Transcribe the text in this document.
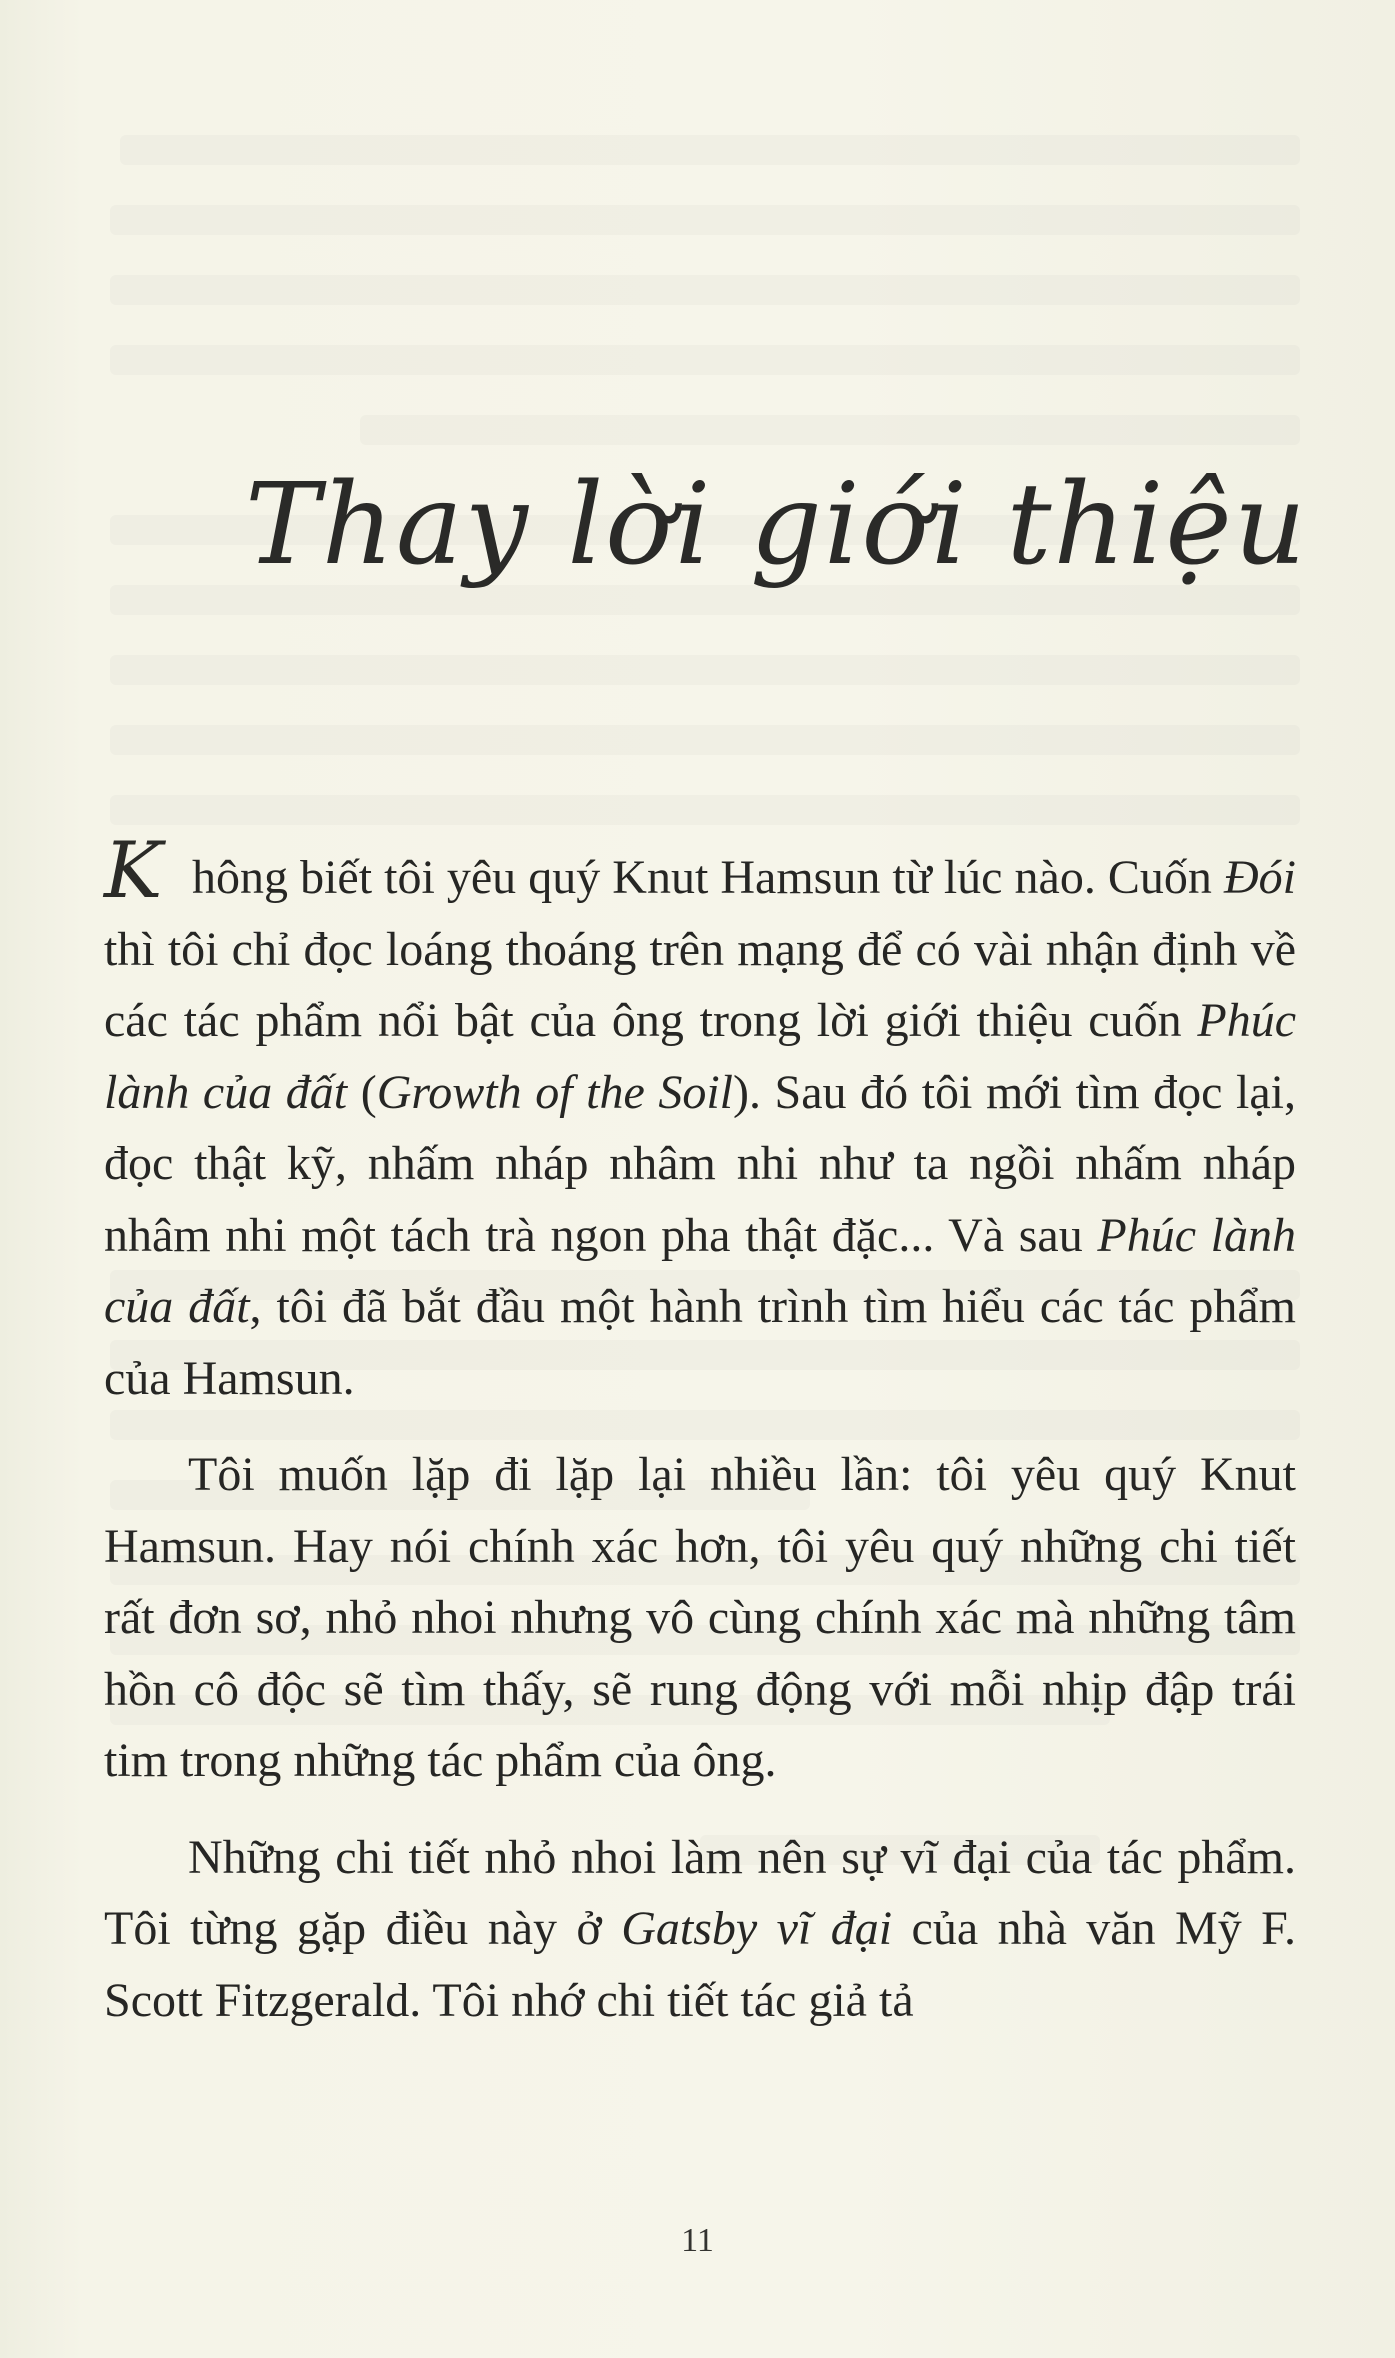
Thay lời giới thiệu

Không biết tôi yêu quý Knut Hamsun từ lúc nào. Cuốn Đói thì tôi chỉ đọc loáng thoáng trên mạng để có vài nhận định về các tác phẩm nổi bật của ông trong lời giới thiệu cuốn Phúc lành của đất (Growth of the Soil). Sau đó tôi mới tìm đọc lại, đọc thật kỹ, nhấm nháp nhâm nhi như ta ngồi nhấm nháp nhâm nhi một tách trà ngon pha thật đặc... Và sau Phúc lành của đất, tôi đã bắt đầu một hành trình tìm hiểu các tác phẩm của Hamsun.

Tôi muốn lặp đi lặp lại nhiều lần: tôi yêu quý Knut Hamsun. Hay nói chính xác hơn, tôi yêu quý những chi tiết rất đơn sơ, nhỏ nhoi nhưng vô cùng chính xác mà những tâm hồn cô độc sẽ tìm thấy, sẽ rung động với mỗi nhịp đập trái tim trong những tác phẩm của ông.

Những chi tiết nhỏ nhoi làm nên sự vĩ đại của tác phẩm. Tôi từng gặp điều này ở Gatsby vĩ đại của nhà văn Mỹ F. Scott Fitzgerald. Tôi nhớ chi tiết tác giả tả

11
